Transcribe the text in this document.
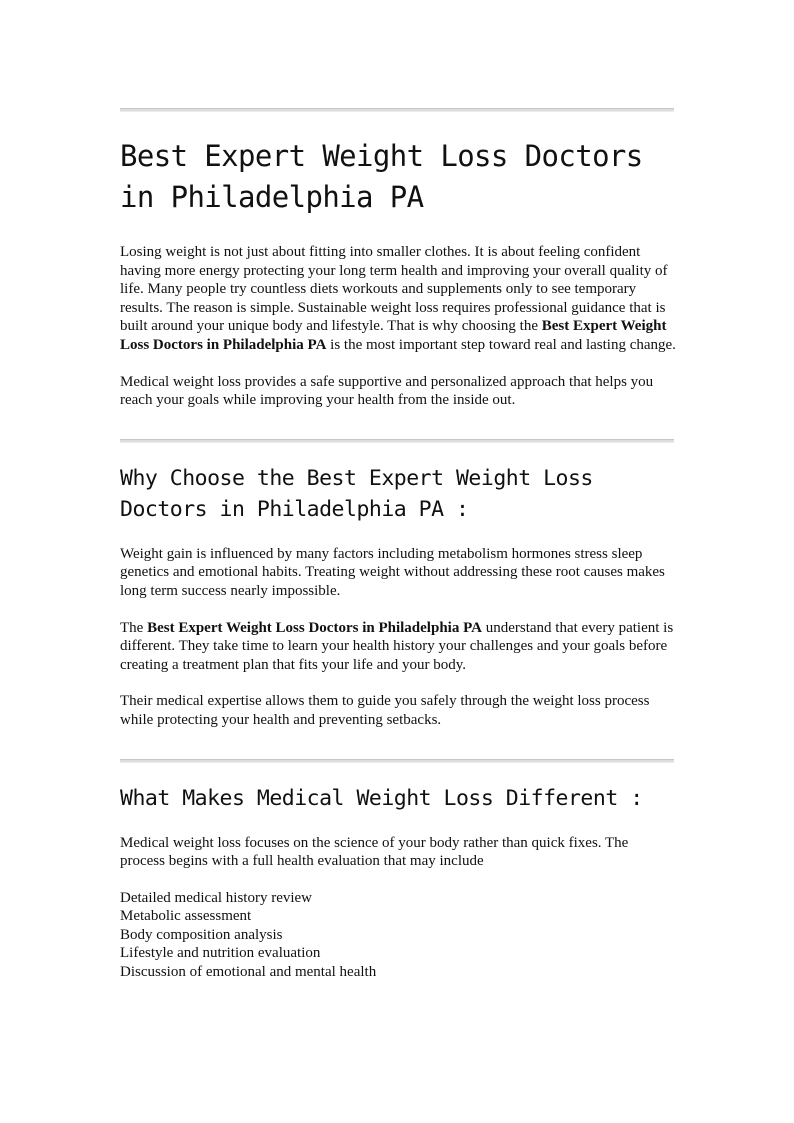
Best Expert Weight Loss Doctors in Philadelphia PA

Losing weight is not just about fitting into smaller clothes. It is about feeling confident having more energy protecting your long term health and improving your overall quality of life. Many people try countless diets workouts and supplements only to see temporary results. The reason is simple. Sustainable weight loss requires professional guidance that is built around your unique body and lifestyle. That is why choosing the Best Expert Weight Loss Doctors in Philadelphia PA is the most important step toward real and lasting change.

Medical weight loss provides a safe supportive and personalized approach that helps you reach your goals while improving your health from the inside out.

Why Choose the Best Expert Weight Loss Doctors in Philadelphia PA :

Weight gain is influenced by many factors including metabolism hormones stress sleep genetics and emotional habits. Treating weight without addressing these root causes makes long term success nearly impossible.

The Best Expert Weight Loss Doctors in Philadelphia PA understand that every patient is different. They take time to learn your health history your challenges and your goals before creating a treatment plan that fits your life and your body.

Their medical expertise allows them to guide you safely through the weight loss process while protecting your health and preventing setbacks.

What Makes Medical Weight Loss Different :

Medical weight loss focuses on the science of your body rather than quick fixes. The process begins with a full health evaluation that may include

Detailed medical history review
Metabolic assessment
Body composition analysis
Lifestyle and nutrition evaluation
Discussion of emotional and mental health
